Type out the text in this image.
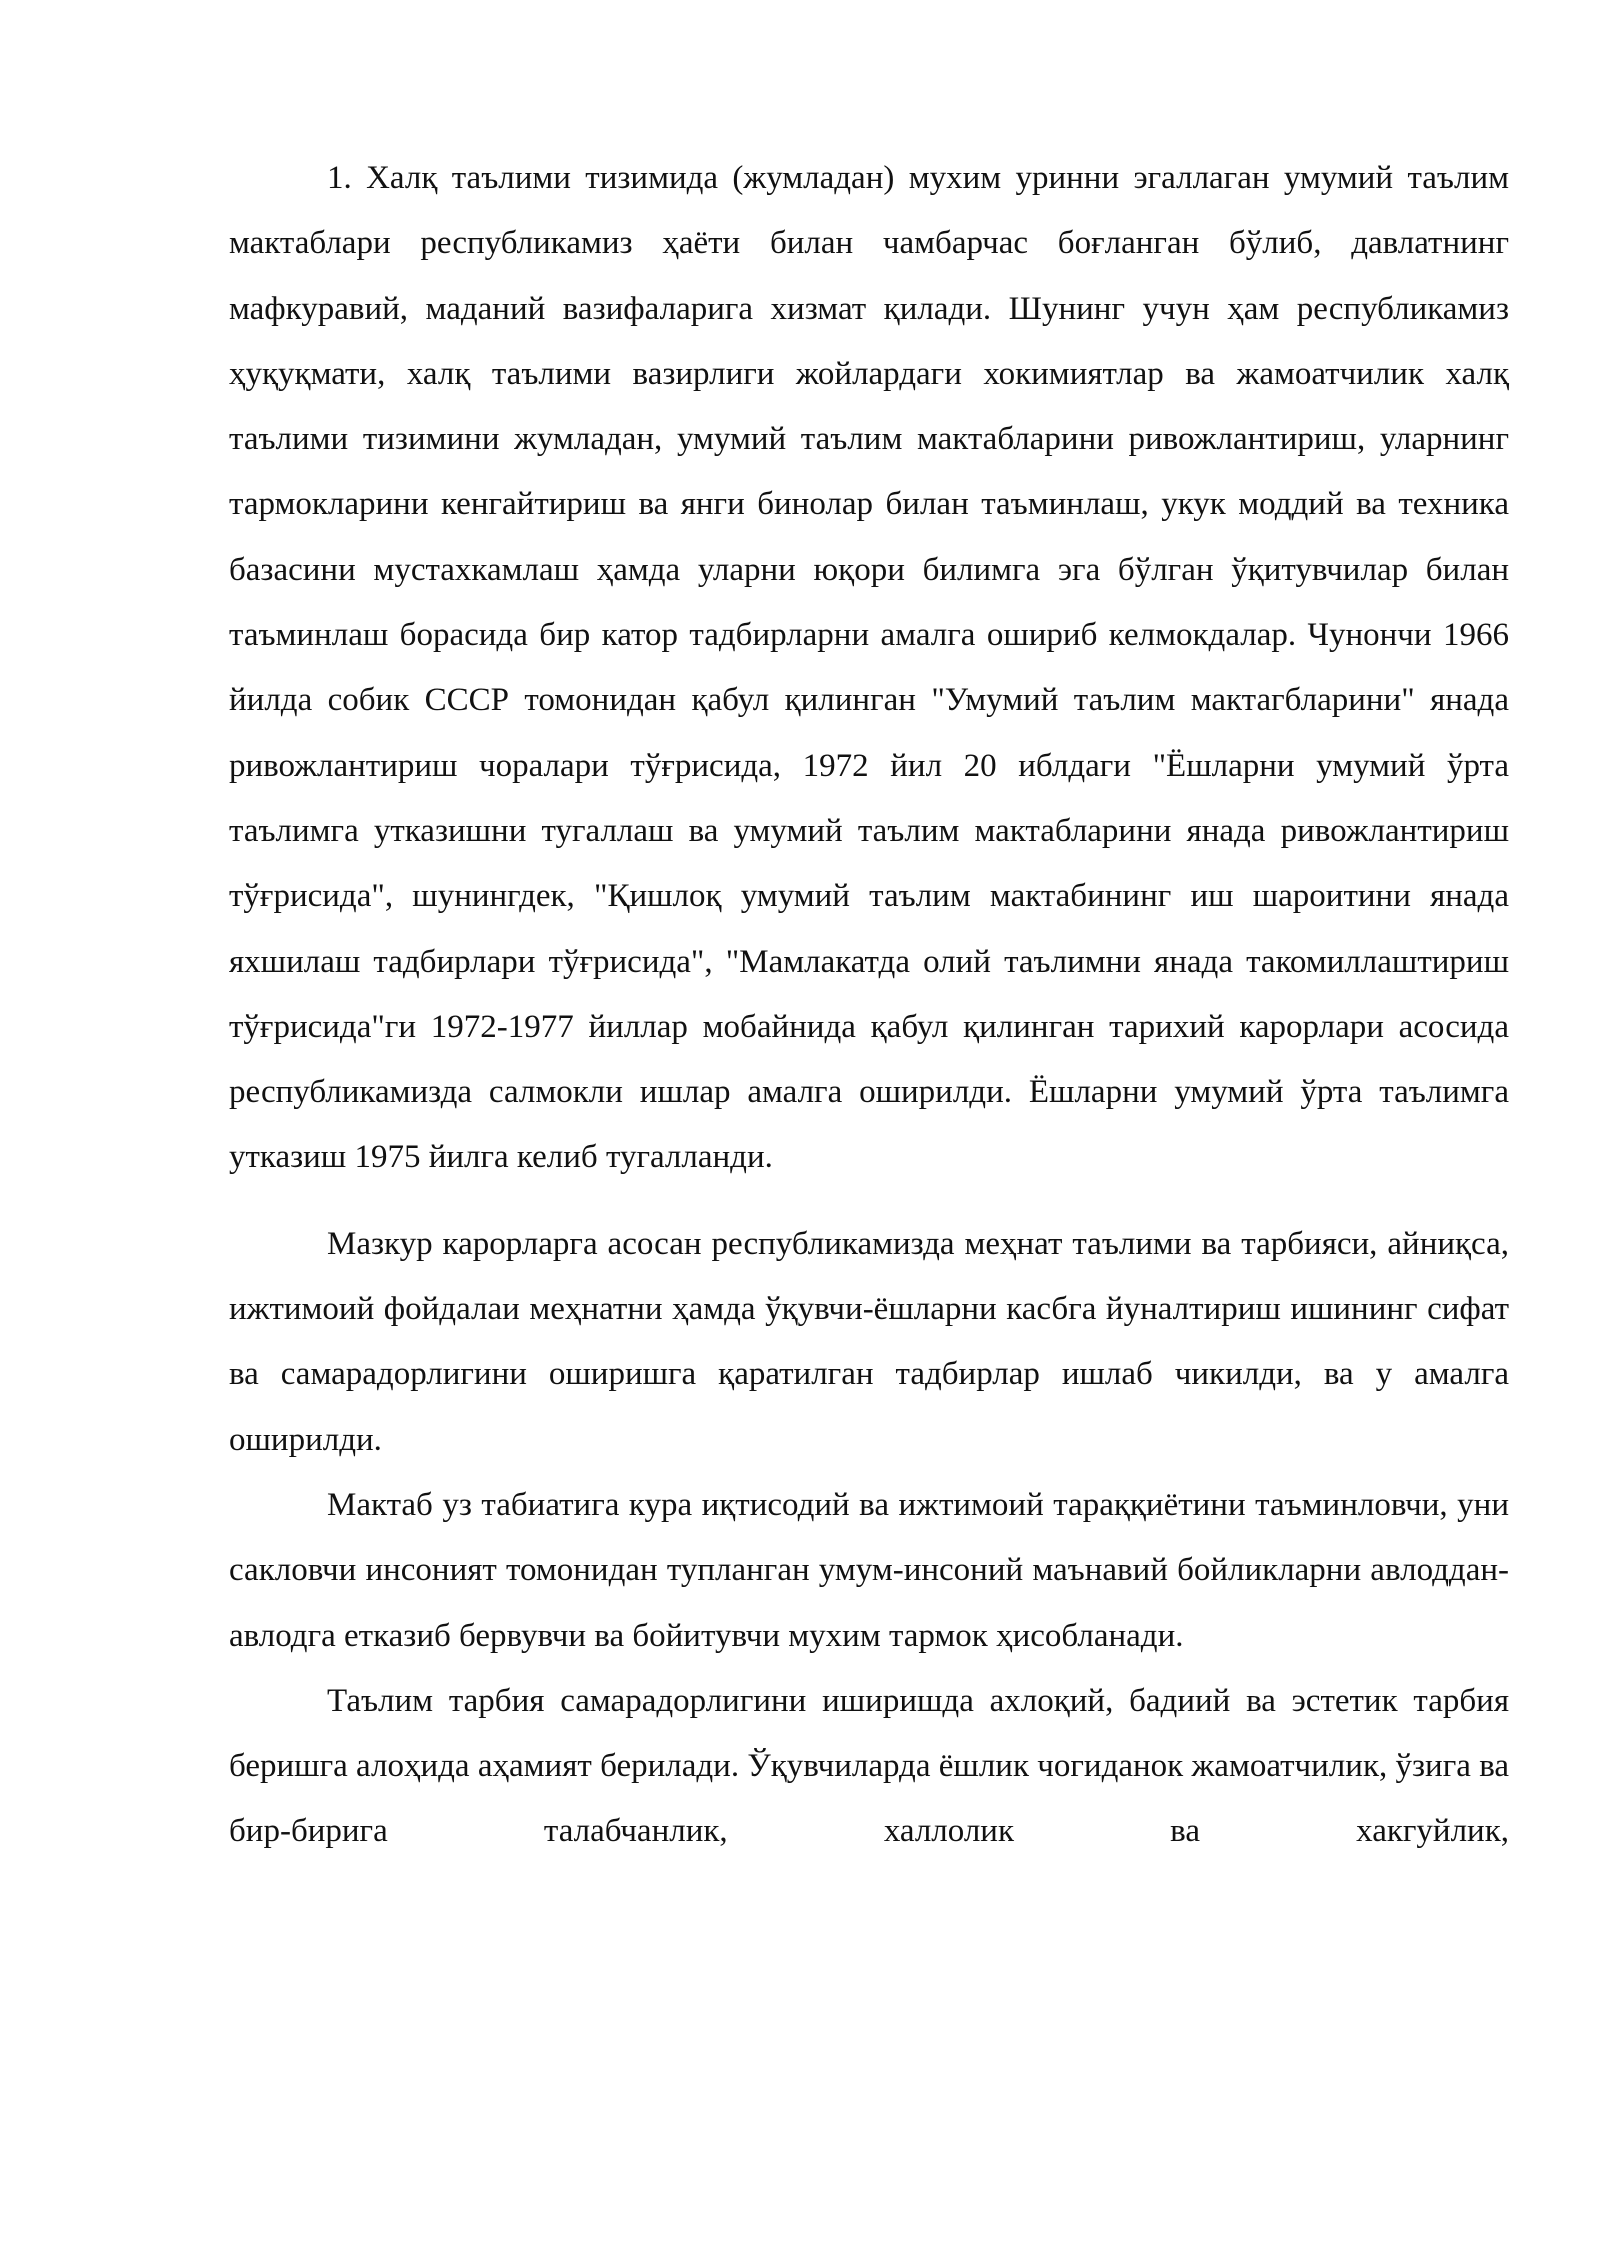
1. Халқ таълими тизимида (жумладан) мухим уринни эгаллаган умумий таълим мактаблари республикамиз ҳаёти билан чамбарчас боғланган бўлиб, давлатнинг мафкуравий, маданий вазифаларига хизмат қилади. Шунинг учун ҳам республикамиз ҳуқуқмати, халқ таълими вазирлиги жойлардаги хокимиятлар ва жамоатчилик халқ таълими тизимини жумладан, умумий таълим мактабларини ривожлантириш, уларнинг тармокларини кенгайтириш ва янги бинолар билан таъминлаш, укук моддий ва техника базасини мустахкамлаш ҳамда уларни юқори билимга эга бўлган ўқитувчилар билан таъминлаш борасида бир катор тадбирларни амалга ошириб келмокдалар. Чунончи 1966 йилда собик СССР томонидан қабул қилинган "Умумий таълим мактагбларини" янада ривожлантириш чоралари тўғрисида, 1972 йил 20 иблдаги "Ёшларни умумий ўрта таълимга утказишни тугаллаш ва умумий таълим мактабларини янада ривожлантириш тўғрисида", шунингдек, "Қишлоқ умумий таълим мактабининг иш шароитини янада яхшилаш тадбирлари тўғрисида", "Мамлакатда олий таълимни янада такомиллаштириш тўғрисида"ги 1972-1977 йиллар мобайнида қабул қилинган тарихий карорлари асосида республикамизда салмокли ишлар амалга оширилди. Ёшларни умумий ўрта таълимга утказиш 1975 йилга келиб тугалланди.

Мазкур карорларга асосан республикамизда меҳнат таълими ва тарбияси, айниқса, ижтимоий фойдалаи меҳнатни ҳамда ўқувчи-ёшларни касбга йуналтириш ишининг сифат ва самарадорлигини оширишга қаратилган тадбирлар ишлаб чикилди, ва у амалга оширилди.

Мактаб уз табиатига кура иқтисодий ва ижтимоий тараққиётини таъминловчи, уни сакловчи инсоният томонидан тупланган умум-инсоний маънавий бойликларни авлоддан-авлодга етказиб бервувчи ва бойитувчи мухим тармок ҳисобланади.

Таълим тарбия самарадорлигини иширишда ахлоқий, бадиий ва эстетик тарбия беришга алоҳида аҳамият берилади. Ўқувчиларда ёшлик чогиданок жамоатчилик, ўзига ва бир-бирига талабчанлик, халлолик ва хакгуйлик,
